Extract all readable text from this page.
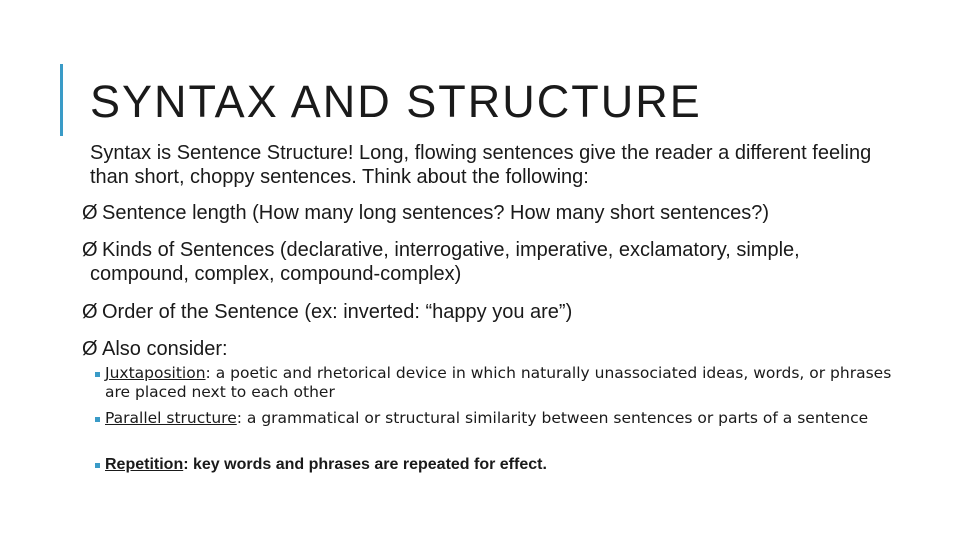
SYNTAX AND STRUCTURE

Syntax is Sentence Structure! Long, flowing sentences give the reader a different feeling than short, choppy sentences. Think about the following:

Ø Sentence length (How many long sentences? How many short sentences?)
Ø Kinds of Sentences (declarative, interrogative, imperative, exclamatory, simple,
compound, complex, compound-complex)
Ø Order of the Sentence (ex: inverted: “happy you are”)
Ø Also consider:

Juxtaposition: a poetic and rhetorical device in which naturally unassociated ideas, words, or phrases are placed next to each other

Parallel structure: a grammatical or structural similarity between sentences or parts of a sentence

Repetition: key words and phrases are repeated for effect.
